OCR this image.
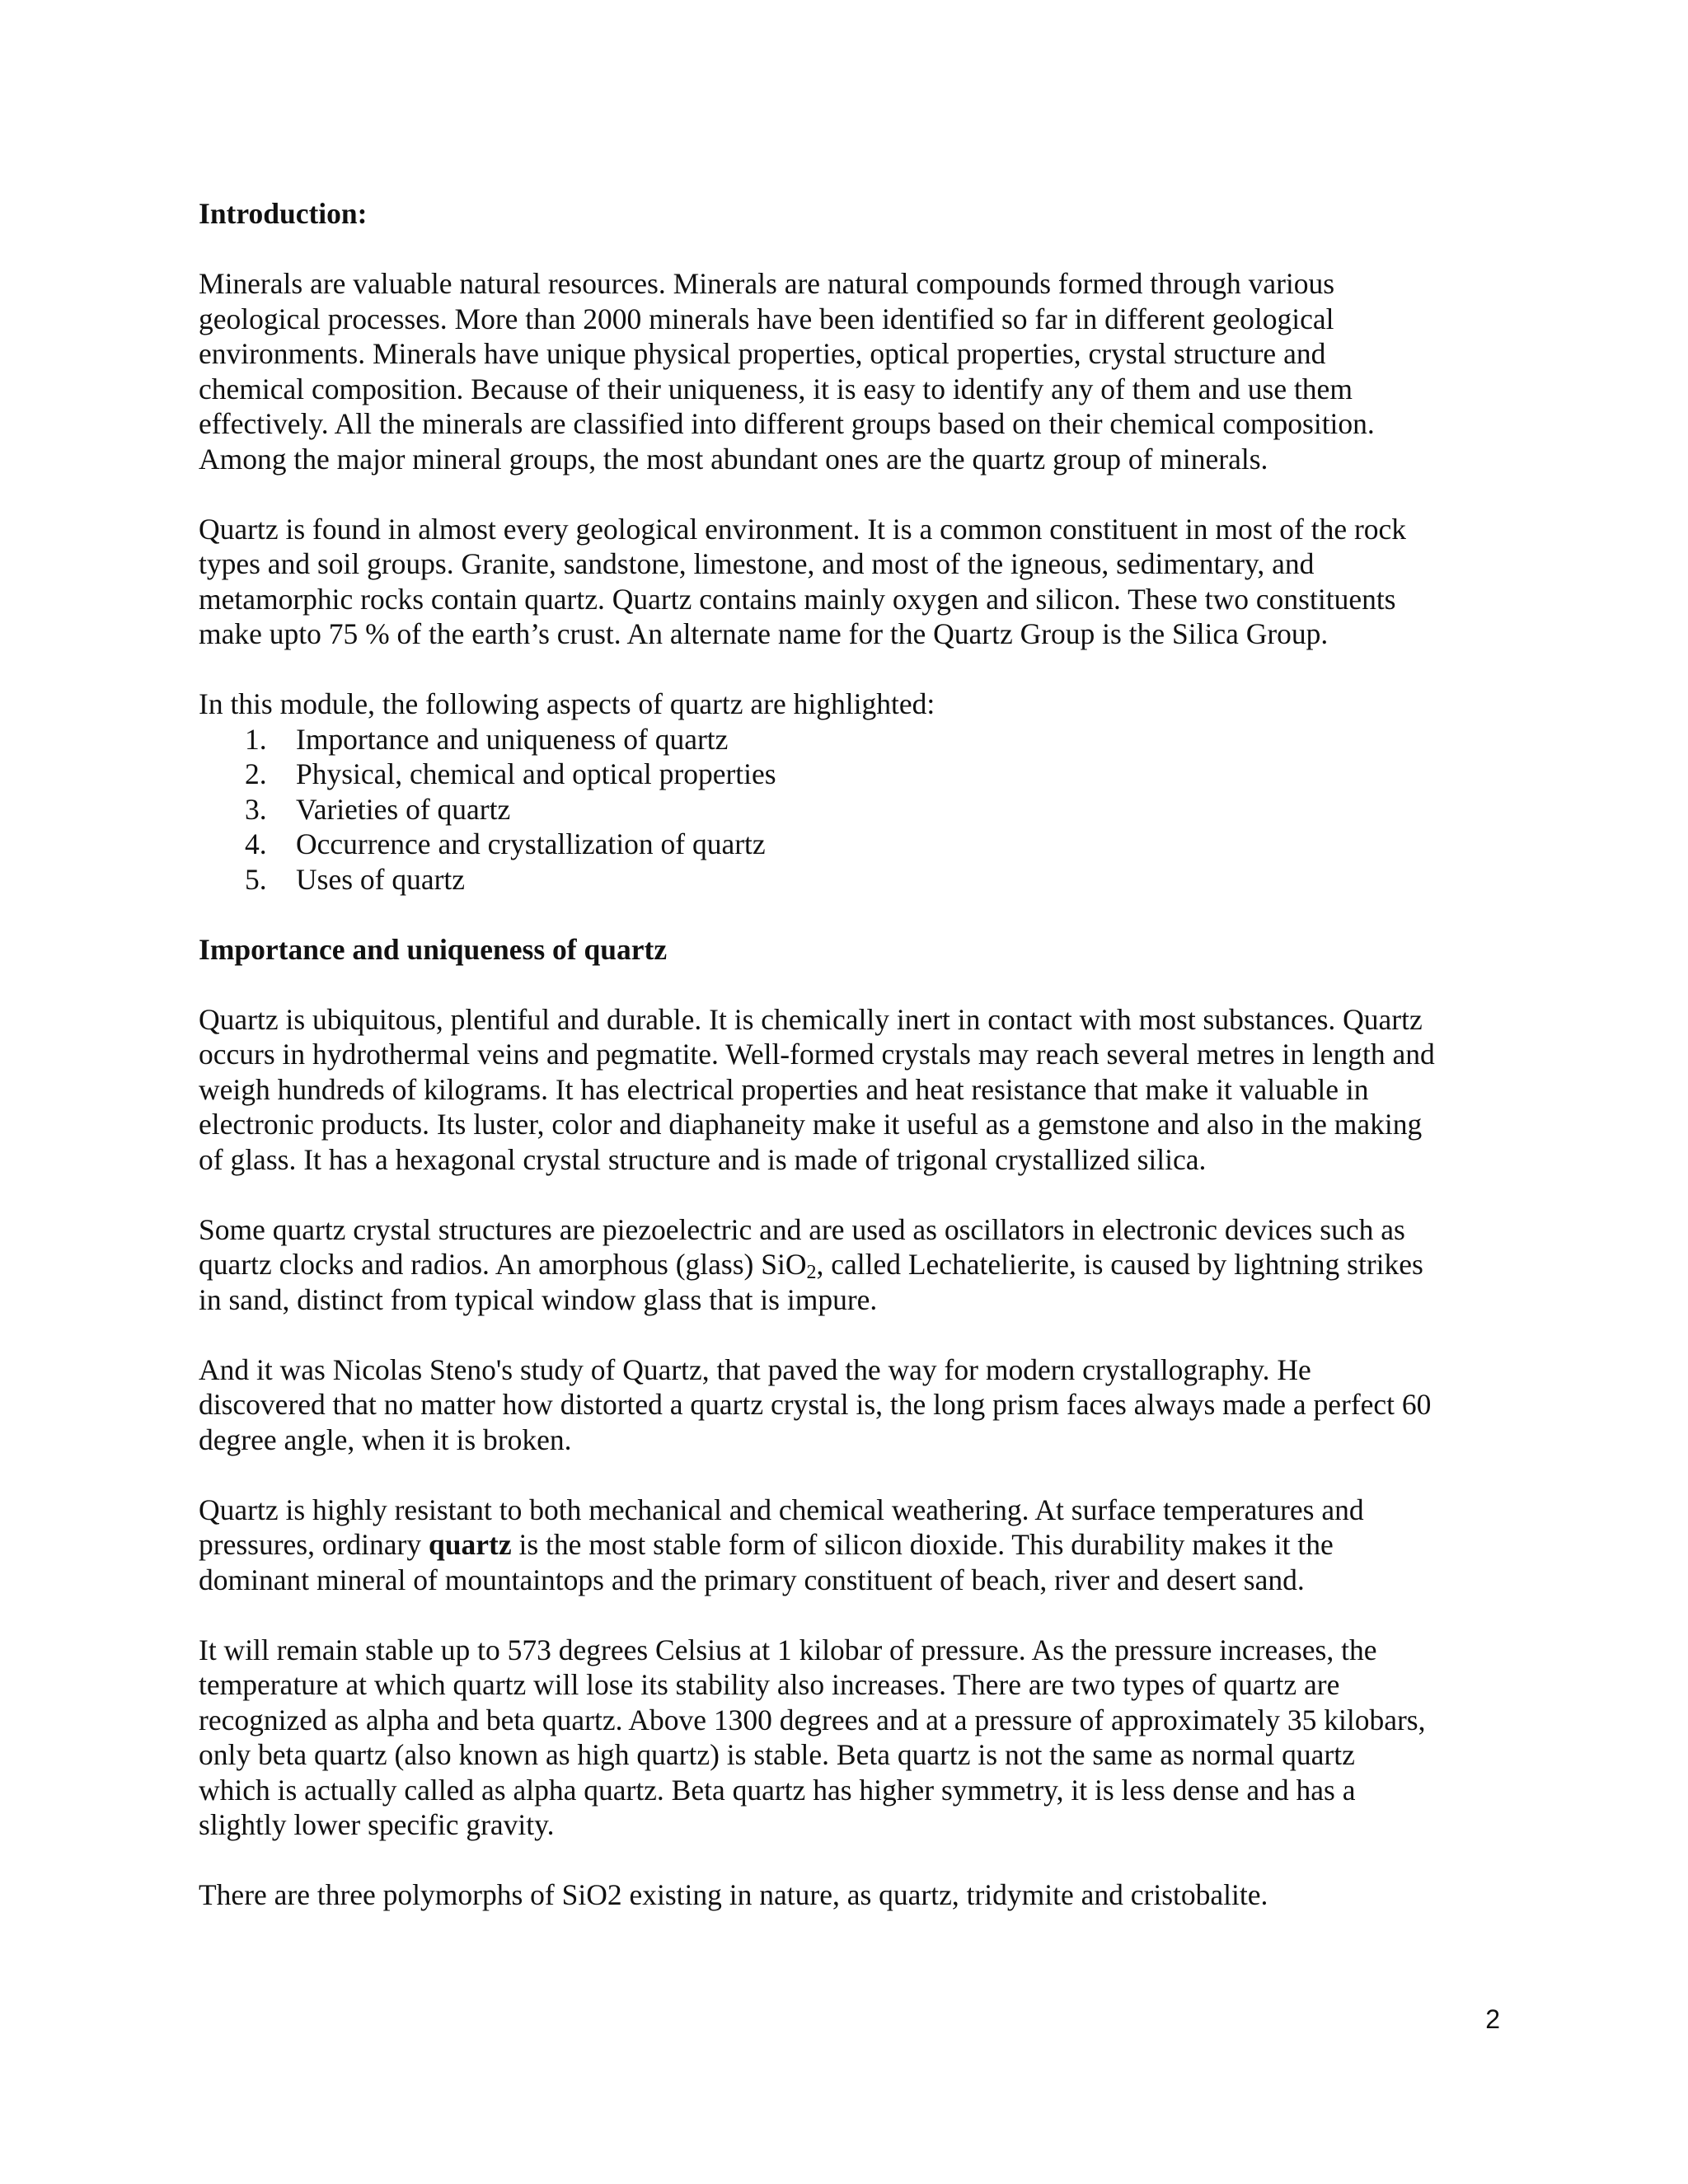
Introduction:

Minerals are valuable natural resources. Minerals are natural compounds formed through various
geological processes. More than 2000 minerals have been identified so far in different geological
environments. Minerals have unique physical properties, optical properties, crystal structure and
chemical composition. Because of their uniqueness, it is easy to identify any of them and use them
effectively. All the minerals are classified into different groups based on their chemical composition.
Among the major mineral groups, the most abundant ones are the quartz group of minerals.

Quartz is found in almost every geological environment. It is a common constituent in most of the rock
types and soil groups. Granite, sandstone, limestone, and most of the igneous, sedimentary, and
metamorphic rocks contain quartz. Quartz contains mainly oxygen and silicon. These two constituents
make upto 75 % of the earth’s crust. An alternate name for the Quartz Group is the Silica Group.

In this module, the following aspects of quartz are highlighted:
1. Importance and uniqueness of quartz
2. Physical, chemical and optical properties
3. Varieties of quartz
4. Occurrence and crystallization of quartz
5. Uses of quartz
Importance and uniqueness of quartz

Quartz is ubiquitous, plentiful and durable. It is chemically inert in contact with most substances. Quartz
occurs in hydrothermal veins and pegmatite. Well-formed crystals may reach several metres in length and
weigh hundreds of kilograms. It has electrical properties and heat resistance that make it valuable in
electronic products. Its luster, color and diaphaneity make it useful as a gemstone and also in the making
of glass. It has a hexagonal crystal structure and is made of trigonal crystallized silica.

Some quartz crystal structures are piezoelectric and are used as oscillators in electronic devices such as
quartz clocks and radios. An amorphous (glass) SiO$_2$, called Lechatelierite, is caused by lightning strikes
in sand, distinct from typical window glass that is impure.

And it was Nicolas Steno's study of Quartz, that paved the way for modern crystallography. He
discovered that no matter how distorted a quartz crystal is, the long prism faces always made a perfect 60
degree angle, when it is broken.

Quartz is highly resistant to both mechanical and chemical weathering. At surface temperatures and
pressures, ordinary quartz is the most stable form of silicon dioxide. This durability makes it the
dominant mineral of mountaintops and the primary constituent of beach, river and desert sand.

It will remain stable up to 573 degrees Celsius at 1 kilobar of pressure. As the pressure increases, the
temperature at which quartz will lose its stability also increases. There are two types of quartz are
recognized as alpha and beta quartz. Above 1300 degrees and at a pressure of approximately 35 kilobars,
only beta quartz (also known as high quartz) is stable. Beta quartz is not the same as normal quartz
which is actually called as alpha quartz. Beta quartz has higher symmetry, it is less dense and has a
slightly lower specific gravity.

There are three polymorphs of SiO2 existing in nature, as quartz, tridymite and cristobalite.

2
